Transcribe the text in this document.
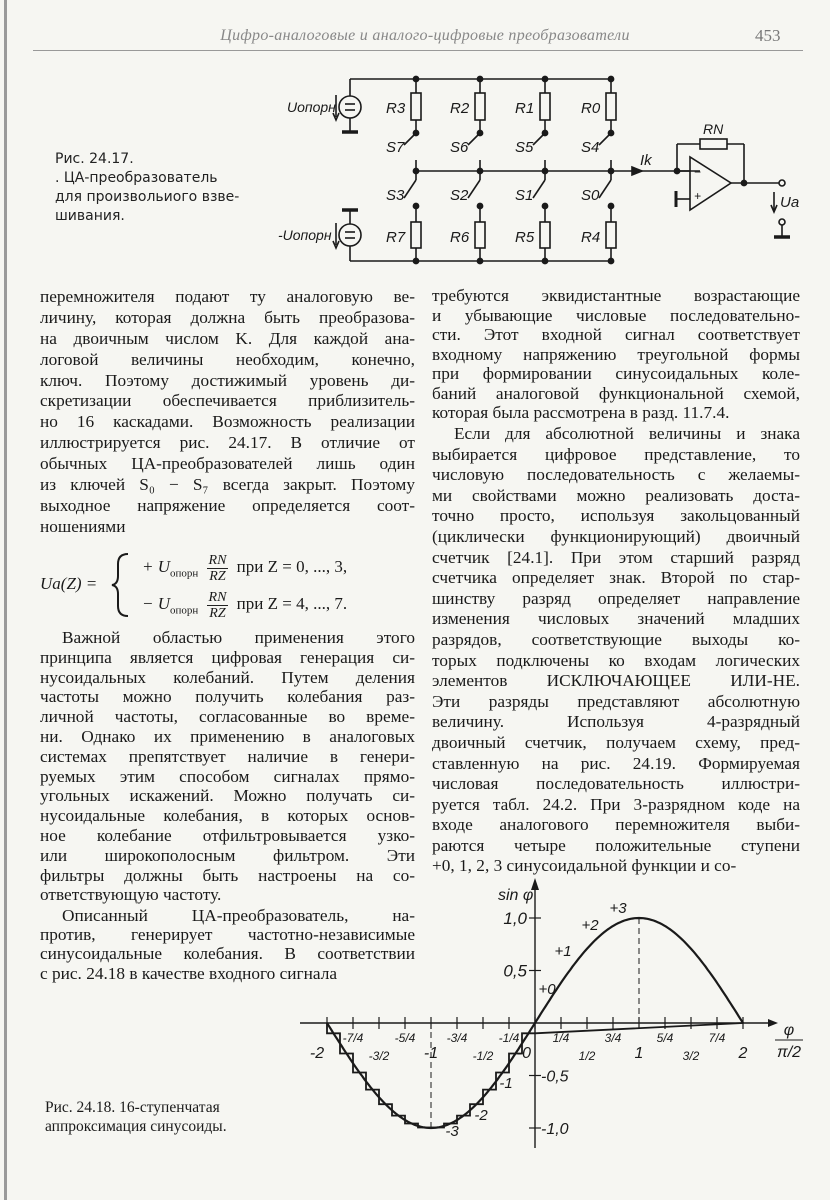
Цифро-аналоговые и аналого-цифровые преобразователи	453
Рис. 24.17.
. ЦА-преобразователь
для произвольиого взве-
шивания.
Uопорн
-Uопорн
R3
S7
S3
R7
R2
S6
S2
R6
R1
S5
S1
R5
R0
S4
S0
R4
Ik
RN
−
+	Ua
перемножителя подают ту аналоговую ве-
личину, которая должна быть преобразова-
на двоичным числом K. Для каждой ана-
логовой величины необходим, конечно,
ключ. Поэтому достижимый уровень ди-
скретизации обеспечивается приблизитель-
но 16 каскадами. Возможность реализации
иллюстрируется рис. 24.17. В отличие от
обычных ЦА-преобразователей лишь один
из ключей S₀ − S₇ всегда закрыт. Поэтому
выходное напряжение определяется соот-
ношениями
Ua(Z) =
+ $U_{опорн} \frac{RN}{RZ}$ при Z = 0, ..., 3,
− $U_{опорн} \frac{RN}{RZ}$ при Z = 4, ..., 7.
Важной областью применения этого
принципа является цифровая генерация си-
нусоидальных колебаний. Путем деления
частоты можно получить колебания раз-
личной частоты, согласованные во време-
ни. Однако их применению в аналоговых
системах препятствует наличие в генери-
руемых этим способом сигналах прямо-
угольных искажений. Можно получать си-
нусоидальные колебания, в которых основ-
ное колебание отфильтровывается узко-
или широкополосным фильтром. Эти
фильтры должны быть настроены на со-
ответствующую частоту.
Описанный ЦА-преобразователь, на-
против, генерирует частотно-независимые
синусоидальные колебания. В соответствии
с рис. 24.18 в качестве входного сигнала
требуются эквидистантные возрастающие
и убывающие числовые последовательно-
сти. Этот входной сигнал соответствует
входному напряжению треугольной формы
при формировании синусоидальных коле-
баний аналоговой функциональной схемой,
которая была рассмотрена в разд. 11.7.4.
Если для абсолютной величины и знака
выбирается цифровое представление, то
числовую последовательность с желаемы-
ми свойствами можно реализовать доста-
точно просто, используя закольцованный
(циклически функционирующий) двоичный
счетчик [24.1]. При этом старший разряд
счетчика определяет знак. Второй по стар-
шинству разряд определяет направление
изменения числовых значений младших
разрядов, соответствующие выходы ко-
торых подключены ко входам логических
элементов ИСКЛЮЧАЮЩЕЕ ИЛИ-НЕ.
Эти разряды представляют абсолютную
величину. Используя 4-разрядный
двоичный счетчик, получаем схему, пред-
ставленную на рис. 24.19. Формируемая
числовая последовательность иллюстри-
руется табл. 24.2. При 3-разрядном коде на
входе аналогового перемножителя выби-
раются четыре положительные ступени
+0, 1, 2, 3 синусоидальной функции и со-
1,0
0,5
-0,5
-1,0
-2
-7/4
-3/2
-5/4
-1
-3/4
-1/2
-1/4
-0
1/4
1/2
3/4
1
5/4
3/2
7/4
2
+0
+1
+2
+3
-1
-2
-3
sin φ
φ
π/2
Рис. 24.18. 16-ступенчатая
аппроксимация синусоиды.
